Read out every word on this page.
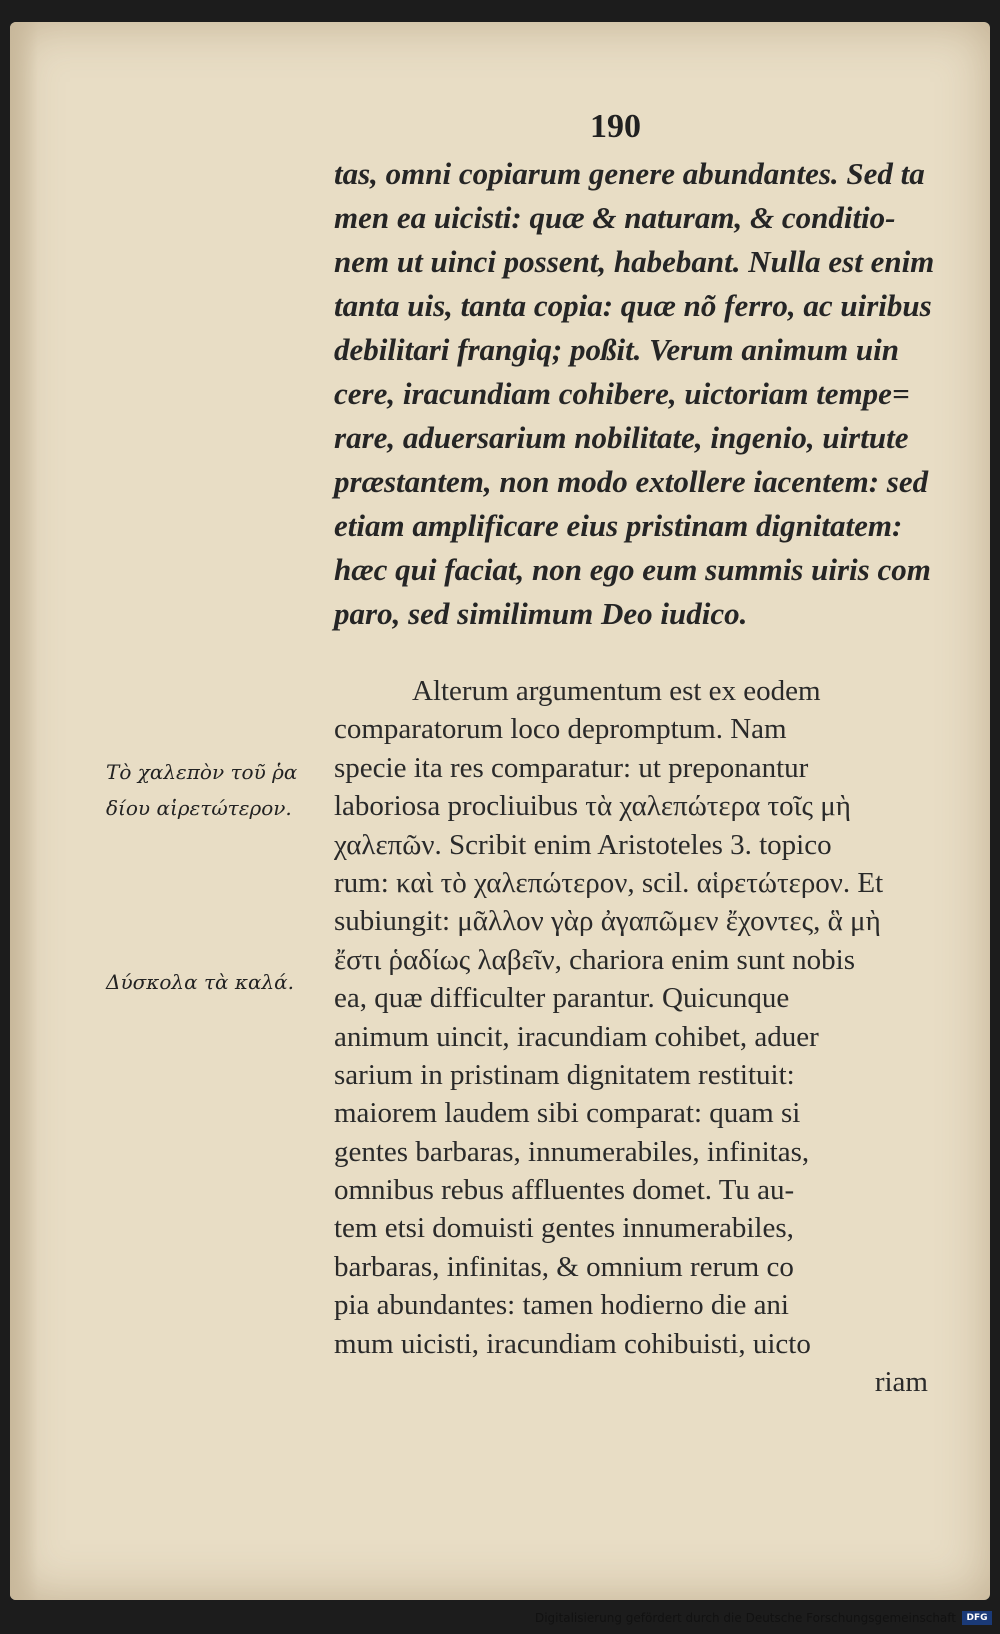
190

tas, omni copiarum genere abundantes. Sed ta

men ea uicisti: quæ & naturam, & conditio-

nem ut uinci possent, habebant. Nulla est enim

tanta uis, tanta copia: quæ nõ ferro, ac uiribus

debilitari frangiq; poßit. Verum animum uin

cere, iracundiam cohibere, uictoriam tempe=

rare, aduersarium nobilitate, ingenio, uirtute

præstantem, non modo extollere iacentem: sed

etiam amplificare eius pristinam dignitatem:

hæc qui faciat, non ego eum summis uiris com

paro, sed similimum Deo iudico.

Alterum argumentum est ex eodem

comparatorum loco depromptum. Nam

specie ita res comparatur: ut preponantur

laboriosa procliuibus τὰ χαλεπώτερα τοῖς μὴ

χαλεπῶν. Scribit enim Aristoteles 3. topico

rum: καὶ τὸ χαλεπώτερον, scil. αἱρετώτερον. Et

subiungit: μᾶλλον γὰρ ἀγαπῶμεν ἔχοντες, ἃ μὴ

ἔστι ῥαδίως λαβεῖν, chariora enim sunt nobis

ea, quæ difficulter parantur. Quicunque

animum uincit, iracundiam cohibet, aduer

sarium in pristinam dignitatem restituit:

maiorem laudem sibi comparat: quam si

gentes barbaras, innumerabiles, infinitas,

omnibus rebus affluentes domet. Tu au-

tem etsi domuisti gentes innumerabiles,

barbaras, infinitas, & omnium rerum co

pia abundantes: tamen hodierno die ani

mum uicisti, iracundiam cohibuisti, uicto

riam

Τὸ χαλεπὸν τοῦ ῥα
δίου αἱρετώτερον.
Δύσκολα τὰ καλά.
Digitalisierung gefördert durch die Deutsche Forschungsgemeinschaft	DFG
